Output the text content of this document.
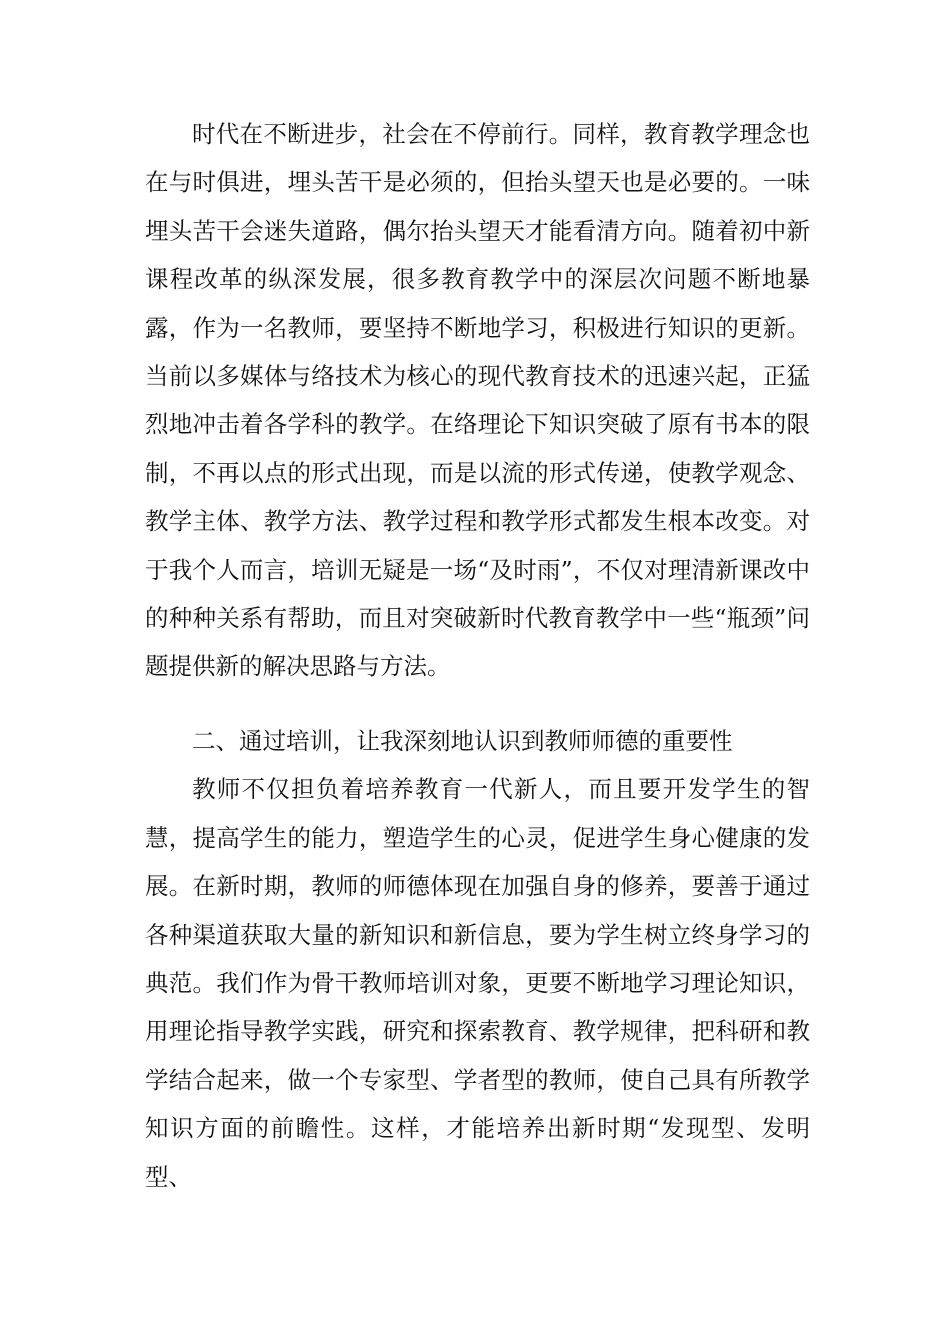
时代在不断进步，社会在不停前行。同样，教育教学理念也在与时俱进，埋头苦干是必须的，但抬头望天也是必要的。一味埋头苦干会迷失道路，偶尔抬头望天才能看清方向。随着初中新课程改革的纵深发展，很多教育教学中的深层次问题不断地暴露，作为一名教师，要坚持不断地学习，积极进行知识的更新。当前以多媒体与络技术为核心的现代教育技术的迅速兴起，正猛烈地冲击着各学科的教学。在络理论下知识突破了原有书本的限制，不再以点的形式出现，而是以流的形式传递，使教学观念、教学主体、教学方法、教学过程和教学形式都发生根本改变。对于我个人而言，培训无疑是一场“及时雨”，不仅对理清新课改中的种种关系有帮助，而且对突破新时代教育教学中一些“瓶颈”问题提供新的解决思路与方法。

二、通过培训，让我深刻地认识到教师师德的重要性

教师不仅担负着培养教育一代新人，而且要开发学生的智慧，提高学生的能力，塑造学生的心灵，促进学生身心健康的发展。在新时期，教师的师德体现在加强自身的修养，要善于通过各种渠道获取大量的新知识和新信息，要为学生树立终身学习的典范。我们作为骨干教师培训对象，更要不断地学习理论知识，用理论指导教学实践，研究和探索教育、教学规律，把科研和教学结合起来，做一个专家型、学者型的教师，使自己具有所教学知识方面的前瞻性。这样，才能培养出新时期“发现型、发明型、
